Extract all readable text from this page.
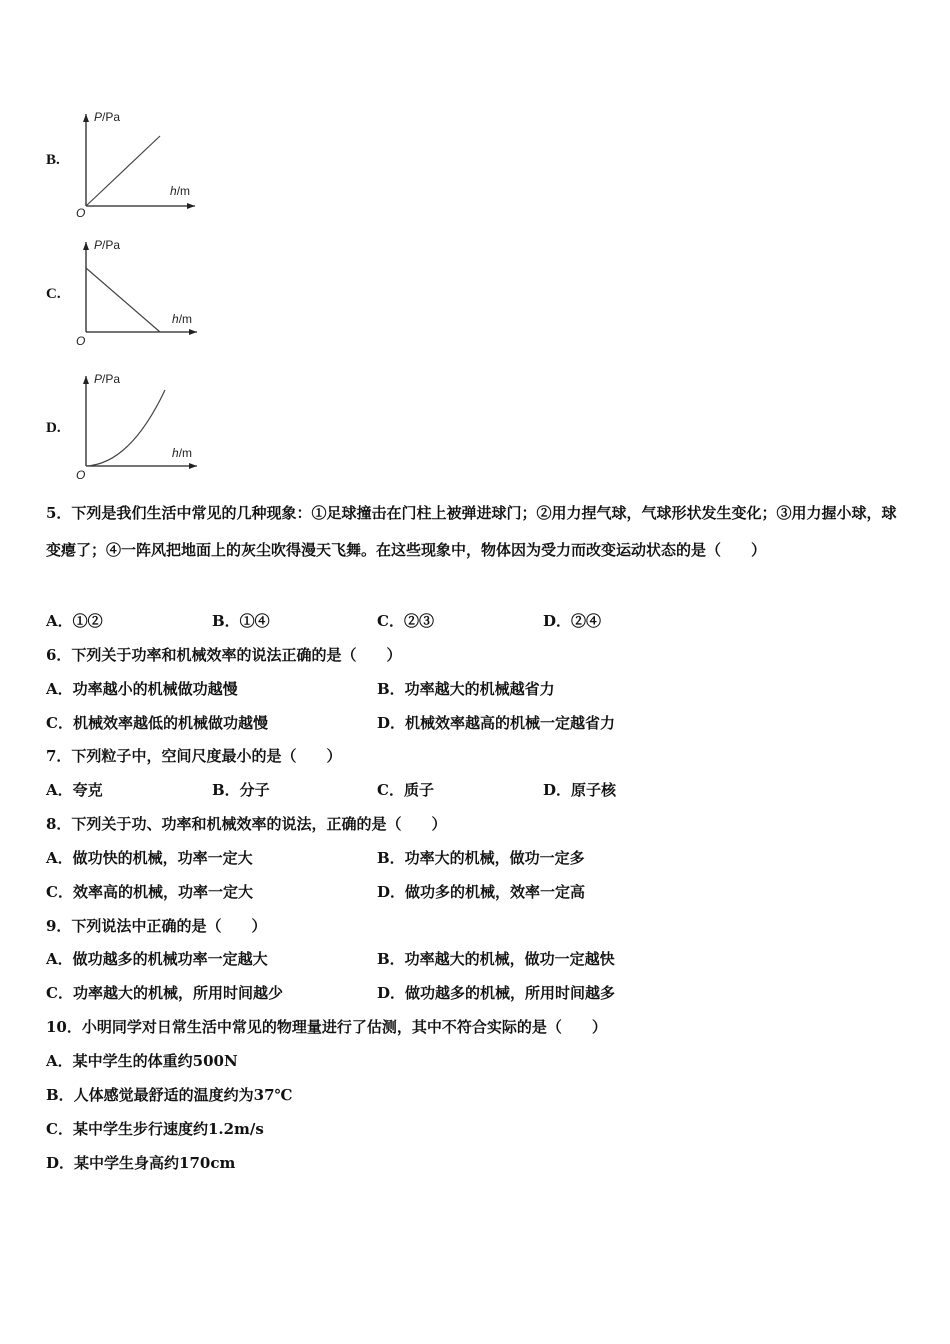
B.
P/Pa
h/m
O
C.
P/Pa
h/m
O
D.
P/Pa
h/m
O
5．下列是我们生活中常见的几种现象：①足球撞击在门柱上被弹进球门；②用力捏气球，气球形状发生变化；③用力握小球，球变瘪了；④一阵风把地面上的灰尘吹得漫天飞舞。在这些现象中，物体因为受力而改变运动状态的是（　　）
A．①②	B．①④	C．②③	D．②④
6．下列关于功率和机械效率的说法正确的是（　　）
A．功率越小的机械做功越慢	B．功率越大的机械越省力
C．机械效率越低的机械做功越慢	D．机械效率越高的机械一定越省力
7．下列粒子中，空间尺度最小的是（　　）
A．夸克	B．分子	C．质子	D．原子核
8．下列关于功、功率和机械效率的说法，正确的是（　　）
A．做功快的机械，功率一定大	B．功率大的机械，做功一定多
C．效率高的机械，功率一定大	D．做功多的机械，效率一定高
9．下列说法中正确的是（　　）
A．做功越多的机械功率一定越大	B．功率越大的机械，做功一定越快
C．功率越大的机械，所用时间越少	D．做功越多的机械，所用时间越多
10．小明同学对日常生活中常见的物理量进行了估测，其中不符合实际的是（　　）
A．某中学生的体重约500N
B．人体感觉最舒适的温度约为37℃
C．某中学生步行速度约1.2m/s
D．某中学生身高约170cm
